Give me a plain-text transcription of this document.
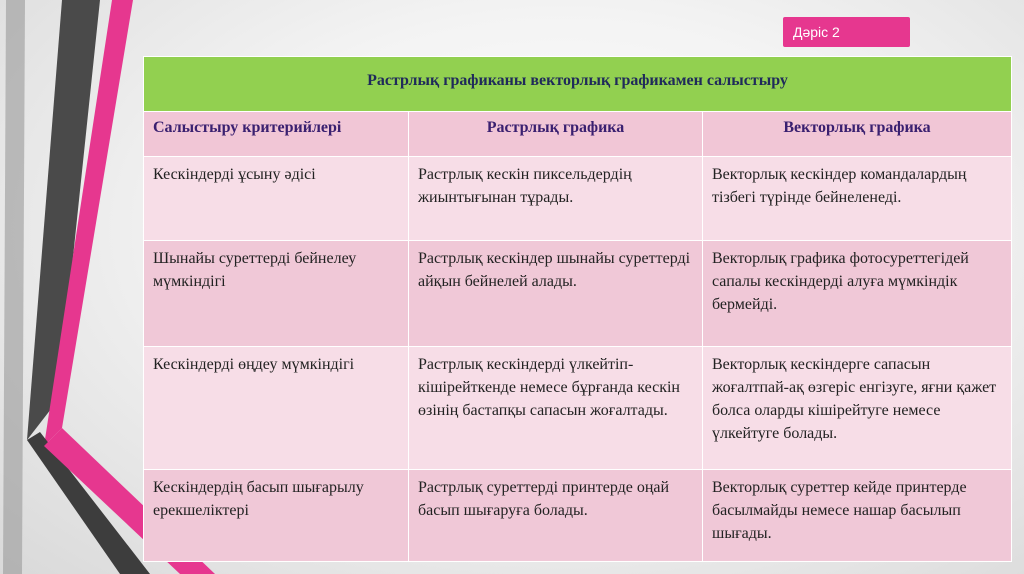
Дәріс 2
Растрлық графиканы векторлық графикамен салыстыру		
Салыстыру критерийлері	Растрлық графика	Векторлық графика
Кескіндерді ұсыну әдісі	Растрлық кескін пиксельдердің жиынтығынан тұрады.	Векторлық кескіндер командалардың тізбегі түрінде бейнеленеді.
Шынайы суреттерді бейнелеу мүмкіндігі	Растрлық кескіндер шынайы суреттерді айқын бейнелей алады.	Векторлық графика фотосуреттегідей сапалы кескіндерді алуға мүмкіндік бермейді.
Кескіндерді өңдеу мүмкіндігі	Растрлық кескіндерді үлкейтіп-кішірейткенде немесе бұрғанда кескін өзінің бастапқы сапасын жоғалтады.	Векторлық кескіндерге сапасын жоғалтпай-ақ өзгеріс енгізуге, яғни қажет болса оларды кішірейтуге немесе үлкейтуге болады.
Кескіндердің басып шығарылу ерекшеліктері	Растрлық суреттерді принтерде оңай басып шығаруға болады.	Векторлық суреттер кейде принтерде басылмайды немесе нашар басылып шығады.
